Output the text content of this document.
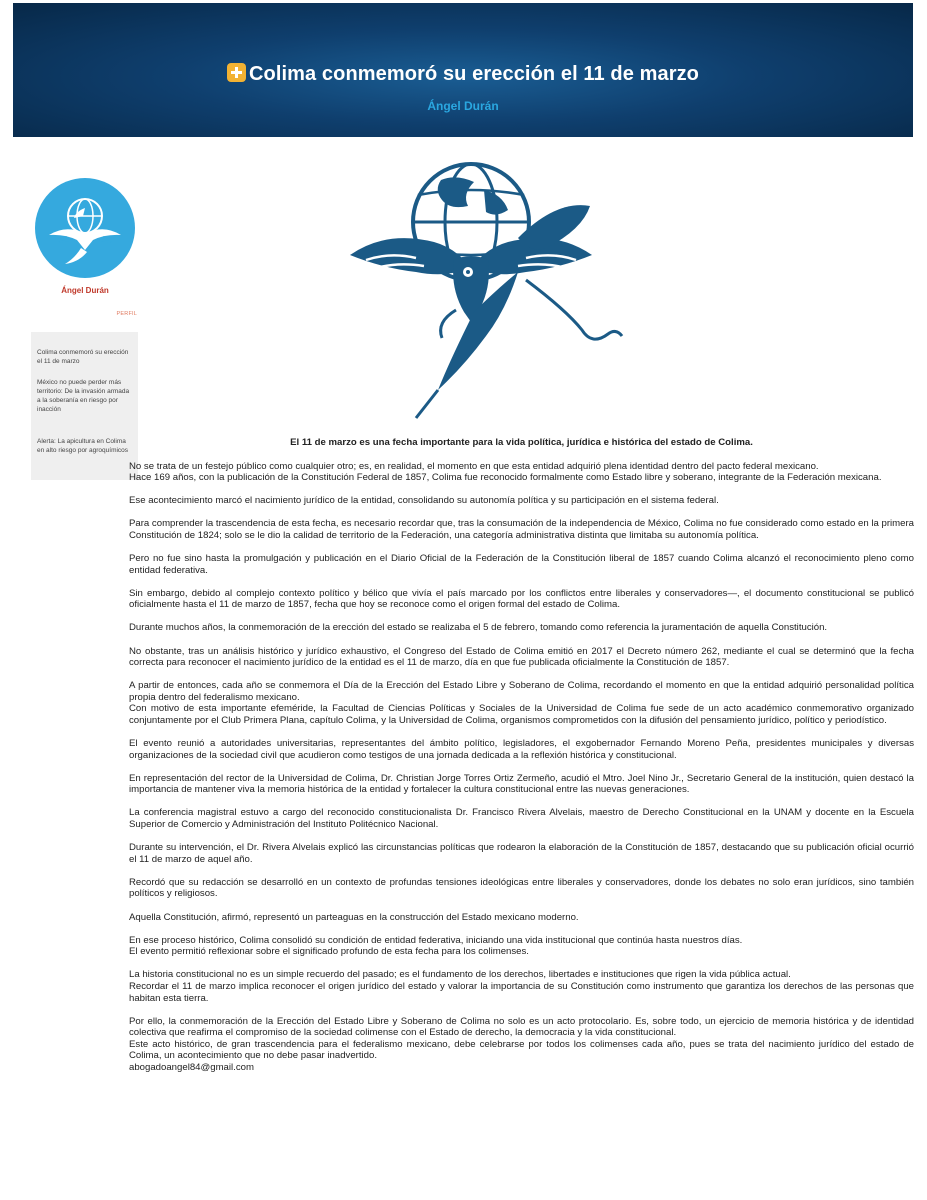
Colima conmemoró su erección el 11 de marzo
Ángel Durán
Ángel Durán
PERFIL
Colima conmemoró su erección el 11 de marzo
México no puede perder más territorio: De la invasión armada a la soberanía en riesgo por inacción
Alerta: La apicultura en Colima en alto riesgo por agroquímicos
El 11 de marzo es una fecha importante para la vida política, jurídica e histórica del estado de Colima.

No se trata de un festejo público como cualquier otro; es, en realidad, el momento en que esta entidad adquirió plena identidad dentro del pacto federal mexicano.
Hace 169 años, con la publicación de la Constitución Federal de 1857, Colima fue reconocido formalmente como Estado libre y soberano, integrante de la Federación mexicana.

Ese acontecimiento marcó el nacimiento jurídico de la entidad, consolidando su autonomía política y su participación en el sistema federal.

Para comprender la trascendencia de esta fecha, es necesario recordar que, tras la consumación de la independencia de México, Colima no fue considerado como estado en la primera Constitución de 1824; solo se le dio la calidad de territorio de la Federación, una categoría administrativa distinta que limitaba su autonomía política.

Pero no fue sino hasta la promulgación y publicación en el Diario Oficial de la Federación de la Constitución liberal de 1857 cuando Colima alcanzó el reconocimiento pleno como entidad federativa.

Sin embargo, debido al complejo contexto político y bélico que vivía el país marcado por los conflictos entre liberales y conservadores—, el documento constitucional se publicó oficialmente hasta el 11 de marzo de 1857, fecha que hoy se reconoce como el origen formal del estado de Colima.

Durante muchos años, la conmemoración de la erección del estado se realizaba el 5 de febrero, tomando como referencia la juramentación de aquella Constitución.

No obstante, tras un análisis histórico y jurídico exhaustivo, el Congreso del Estado de Colima emitió en 2017 el Decreto número 262, mediante el cual se determinó que la fecha correcta para reconocer el nacimiento jurídico de la entidad es el 11 de marzo, día en que fue publicada oficialmente la Constitución de 1857.

A partir de entonces, cada año se conmemora el Día de la Erección del Estado Libre y Soberano de Colima, recordando el momento en que la entidad adquirió personalidad política propia dentro del federalismo mexicano.
Con motivo de esta importante efeméride, la Facultad de Ciencias Políticas y Sociales de la Universidad de Colima fue sede de un acto académico conmemorativo organizado conjuntamente por el Club Primera Plana, capítulo Colima, y la Universidad de Colima, organismos comprometidos con la difusión del pensamiento jurídico, político y periodístico.

El evento reunió a autoridades universitarias, representantes del ámbito político, legisladores, el exgobernador Fernando Moreno Peña, presidentes municipales y diversas organizaciones de la sociedad civil que acudieron como testigos de una jornada dedicada a la reflexión histórica y constitucional.

En representación del rector de la Universidad de Colima, Dr. Christian Jorge Torres Ortiz Zermeño, acudió el Mtro. Joel Nino Jr., Secretario General de la institución, quien destacó la importancia de mantener viva la memoria histórica de la entidad y fortalecer la cultura constitucional entre las nuevas generaciones.

La conferencia magistral estuvo a cargo del reconocido constitucionalista Dr. Francisco Rivera Alvelais, maestro de Derecho Constitucional en la UNAM y docente en la Escuela Superior de Comercio y Administración del Instituto Politécnico Nacional.

Durante su intervención, el Dr. Rivera Alvelais explicó las circunstancias políticas que rodearon la elaboración de la Constitución de 1857, destacando que su publicación oficial ocurrió el 11 de marzo de aquel año.

Recordó que su redacción se desarrolló en un contexto de profundas tensiones ideológicas entre liberales y conservadores, donde los debates no solo eran jurídicos, sino también políticos y religiosos.

Aquella Constitución, afirmó, representó un parteaguas en la construcción del Estado mexicano moderno.

En ese proceso histórico, Colima consolidó su condición de entidad federativa, iniciando una vida institucional que continúa hasta nuestros días.
El evento permitió reflexionar sobre el significado profundo de esta fecha para los colimenses.

La historia constitucional no es un simple recuerdo del pasado; es el fundamento de los derechos, libertades e instituciones que rigen la vida pública actual.
Recordar el 11 de marzo implica reconocer el origen jurídico del estado y valorar la importancia de su Constitución como instrumento que garantiza los derechos de las personas que habitan esta tierra.

Por ello, la conmemoración de la Erección del Estado Libre y Soberano de Colima no solo es un acto protocolario. Es, sobre todo, un ejercicio de memoria histórica y de identidad colectiva que reafirma el compromiso de la sociedad colimense con el Estado de derecho, la democracia y la vida constitucional.
Este acto histórico, de gran trascendencia para el federalismo mexicano, debe celebrarse por todos los colimenses cada año, pues se trata del nacimiento jurídico del estado de Colima, un acontecimiento que no debe pasar inadvertido.

abogadoangel84@gmail.com
